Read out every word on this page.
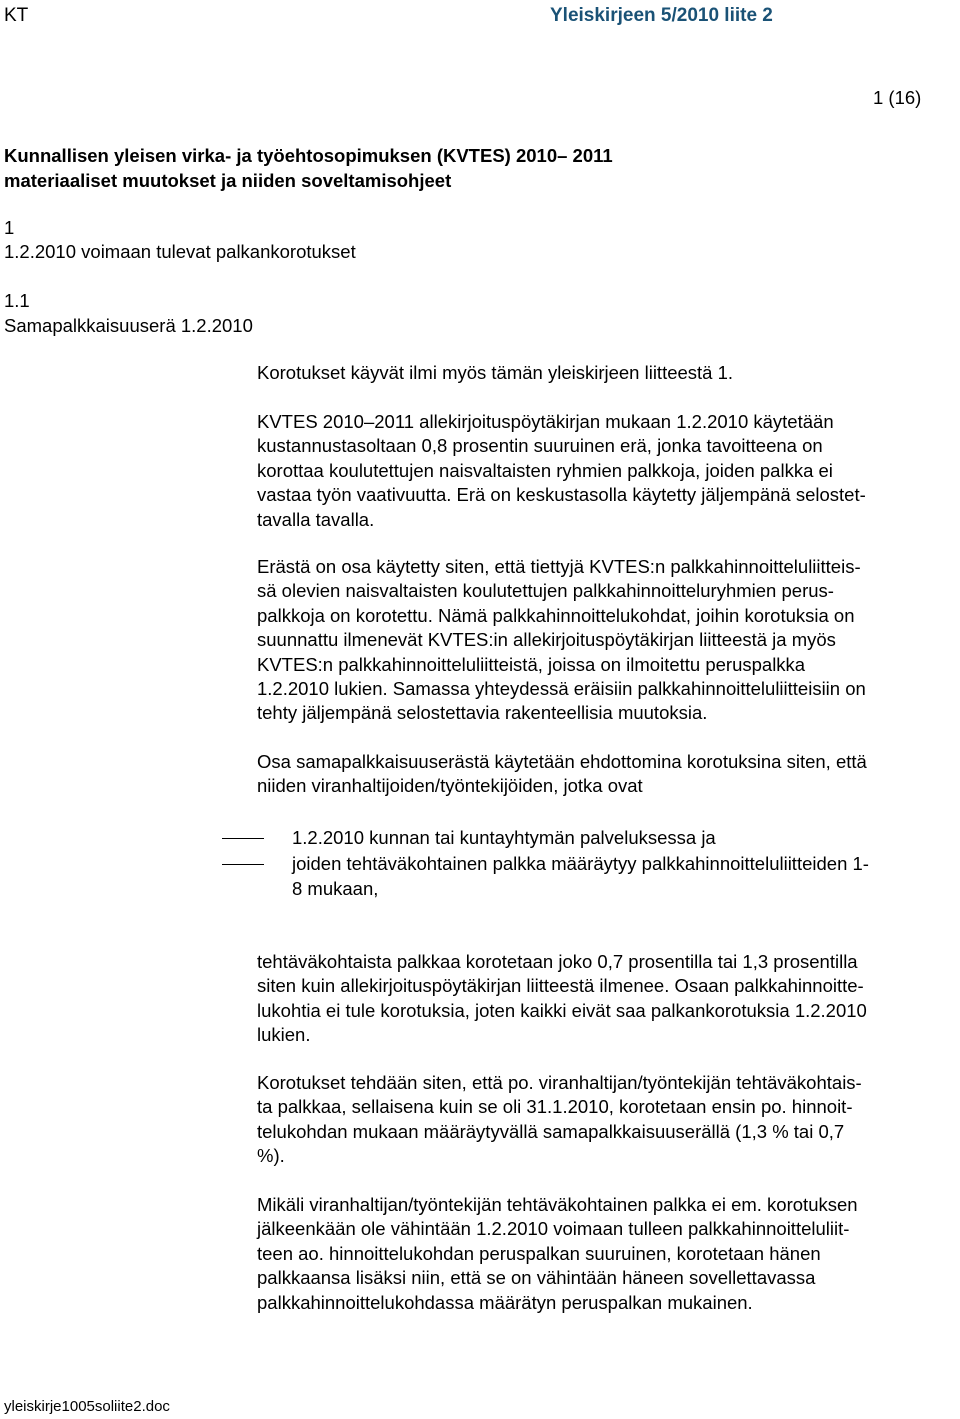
KT	Yleiskirjeen 5/2010 liite 2
1 (16)
Kunnallisen yleisen virka- ja työehtosopimuksen (KVTES) 2010– 2011
materiaaliset muutokset ja niiden soveltamisohjeet
1
1.2.2010 voimaan tulevat palkankorotukset
1.1
Samapalkkaisuuserä 1.2.2010

Korotukset käyvät ilmi myös tämän yleiskirjeen liitteestä 1.

KVTES 2010–2011 allekirjoituspöytäkirjan mukaan 1.2.2010 käytetään
kustannustasoltaan 0,8 prosentin suuruinen erä, jonka tavoitteena on
korottaa koulutettujen naisvaltaisten ryhmien palkkoja, joiden palkka ei
vastaa työn vaativuutta. Erä on keskustasolla käytetty jäljempänä selostet-
tavalla tavalla.

Erästä on osa käytetty siten, että tiettyjä KVTES:n palkkahinnoitteluliitteis-
sä olevien naisvaltaisten koulutettujen palkkahinnoitteluryhmien perus-
palkkoja on korotettu. Nämä palkkahinnoittelukohdat, joihin korotuksia on
suunnattu ilmenevät KVTES:in allekirjoituspöytäkirjan liitteestä ja myös
KVTES:n palkkahinnoitteluliitteistä, joissa on ilmoitettu peruspalkka
1.2.2010 lukien. Samassa yhteydessä eräisiin palkkahinnoitteluliitteisiin on
tehty jäljempänä selostettavia rakenteellisia muutoksia.

Osa samapalkkaisuuserästä käytetään ehdottomina korotuksina siten, että
niiden viranhaltijoiden/työntekijöiden, jotka ovat

1.2.2010 kunnan tai kuntayhtymän palveluksessa ja
joiden tehtäväkohtainen palkka määräytyy palkkahinnoitteluliitteiden 1-
8 mukaan,

tehtäväkohtaista palkkaa korotetaan joko 0,7 prosentilla tai 1,3 prosentilla
siten kuin allekirjoituspöytäkirjan liitteestä ilmenee. Osaan palkkahinnoitte-
lukohtia ei tule korotuksia, joten kaikki eivät saa palkankorotuksia 1.2.2010
lukien.

Korotukset tehdään siten, että po. viranhaltijan/työntekijän tehtäväkohtais-
ta palkkaa, sellaisena kuin se oli 31.1.2010, korotetaan ensin po. hinnoit-
telukohdan mukaan määräytyvällä samapalkkaisuuserällä (1,3 % tai 0,7
%).

Mikäli viranhaltijan/työntekijän tehtäväkohtainen palkka ei em. korotuksen
jälkeenkään ole vähintään 1.2.2010 voimaan tulleen palkkahinnoitteluliit-
teen ao. hinnoittelukohdan peruspalkan suuruinen, korotetaan hänen
palkkaansa lisäksi niin, että se on vähintään häneen sovellettavassa
palkkahinnoittelukohdassa määrätyn peruspalkan mukainen.

yleiskirje1005soliite2.doc
